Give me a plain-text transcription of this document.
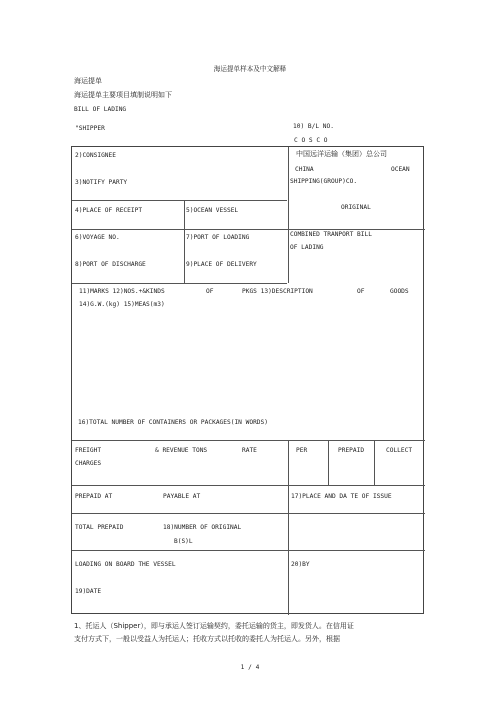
海运提单样本及中文解释
海运提单
海运提单主要项目填制说明如下
BILL OF LADING
"SHIPPER	10) B/L NO.
C O S C O
中国远洋运输（集团）总公司
CHINA	OCEAN
SHIPPING(GROUP)CO.
ORIGINAL
2)CONSIGNEE
3)NOTIFY PARTY
4)PLACE OF RECEIPT	5)OCEAN VESSEL
6)VOYAGE NO.	7)PORT OF LOADING	COMBINED TRANPORT BILL
OF LADING
8)PORT OF DISCHARGE	9)PLACE OF DELIVERY
11)MARKS 12)NOS.+&KINDS	OF	PKGS 13)DESCRIPTION	OF	GOODS
14)G.W.(kg) 15)MEAS(m3)
16)TOTAL NUMBER OF CONTAINERS OR PACKAGES(IN WORDS)
FREIGHT	& REVENUE TONS	RATE	PER	PREPAID	COLLECT
CHARGES
PREPAID AT	PAYABLE AT	17)PLACE AND DA TE OF ISSUE
TOTAL PREPAID	18)NUMBER OF ORIGINAL
B(S)L
LOADING ON BOARD THE VESSEL	20)BY
19)DATE
1、托运人（Shipper），即与承运人签订运输契约，委托运输的货主，即发货人。在信用证
支付方式下，一般以受益人为托运人；托收方式以托收的委托人为托运人。另外，根据
1 / 4
